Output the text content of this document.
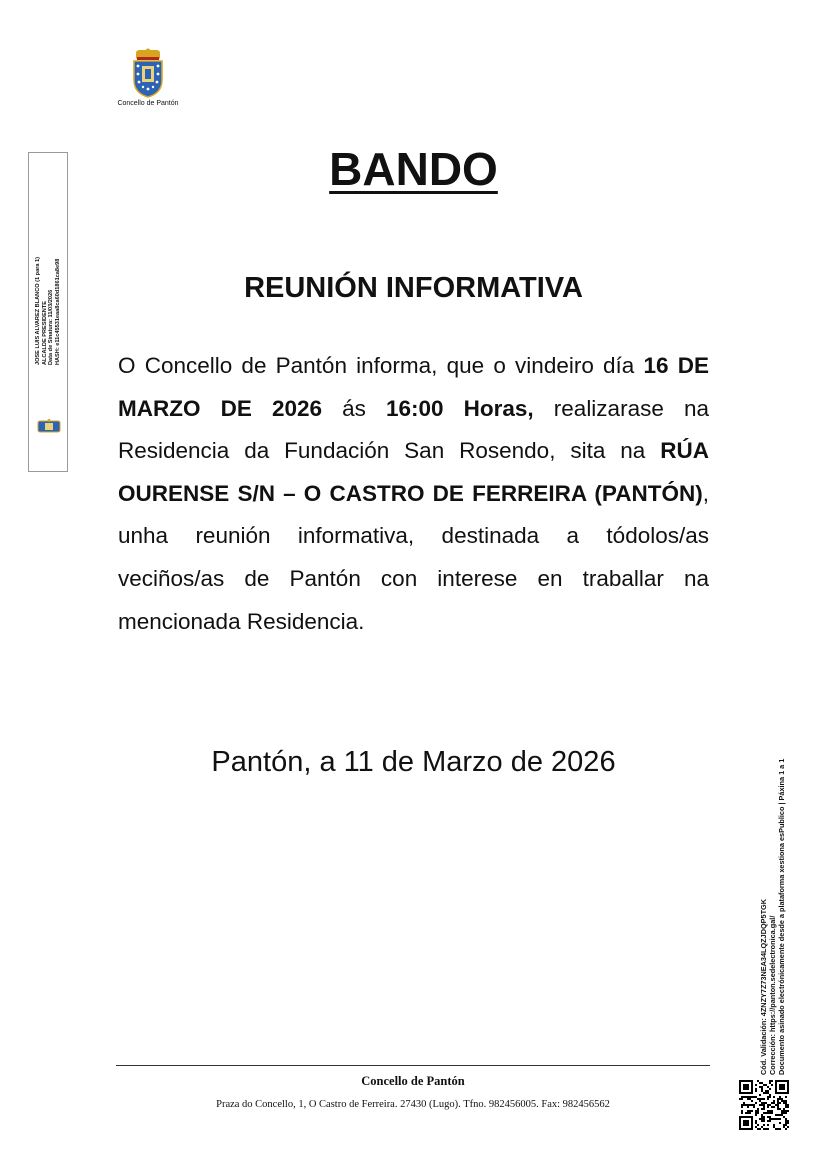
Concello de Pantón
JOSE LUIS ALVAREZ BLANCO (1 para 1) ALCALDE PRESIDENTE Data de Sinatura: 11/03/2026 HASH: e11c45531eaa8ca60d1861ca8e98
BANDO
REUNIÓN INFORMATIVA
O Concello de Pantón informa, que o vindeiro día 16 DE MARZO DE 2026 ás 16:00 Horas, realizarase na Residencia da Fundación San Rosendo, sita na RÚA OURENSE S/N – O CASTRO DE FERREIRA (PANTÓN), unha reunión informativa, destinada a tódolos/as veciños/as de Pantón con interese en traballar na mencionada Residencia.
Pantón, a 11 de Marzo de 2026
Concello de Pantón
Praza do Concello, 1, O Castro de Ferreira. 27430 (Lugo). Tfno. 982456005. Fax: 982456562
Cód. Validación: 4ZNZY7Z73NEA34LQZJDQP5TGK Corrección: https://panton.sedelectronica.gal/ Documento asinado electrónicamente desde a plataforma xestiona esPublico | Páxina 1 a 1
